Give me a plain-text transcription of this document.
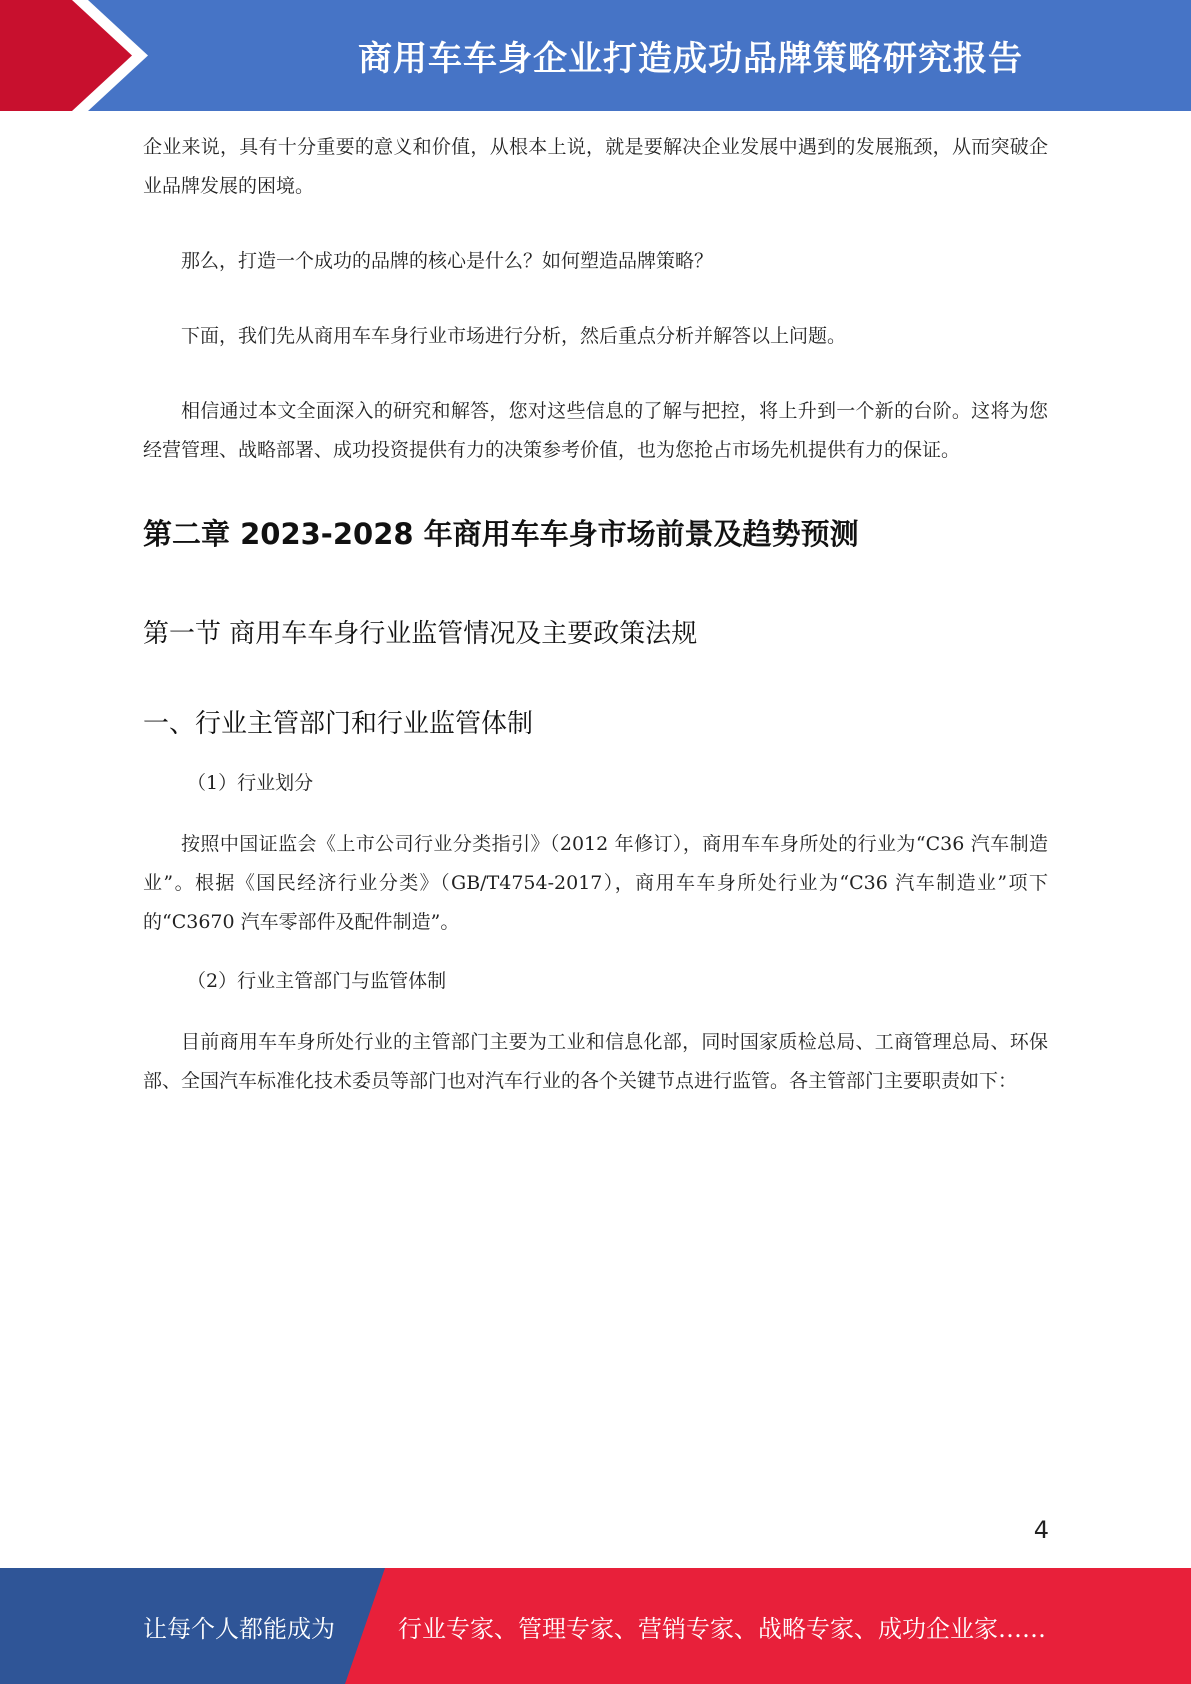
商用车车身企业打造成功品牌策略研究报告

企业来说，具有十分重要的意义和价值，从根本上说，就是要解决企业发展中遇到的发展瓶颈，从而突破企业品牌发展的困境。

那么，打造一个成功的品牌的核心是什么？如何塑造品牌策略？

下面，我们先从商用车车身行业市场进行分析，然后重点分析并解答以上问题。

相信通过本文全面深入的研究和解答，您对这些信息的了解与把控，将上升到一个新的台阶。这将为您经营管理、战略部署、成功投资提供有力的决策参考价值，也为您抢占市场先机提供有力的保证。

第二章 2023-2028 年商用车车身市场前景及趋势预测
第一节 商用车车身行业监管情况及主要政策法规
一、行业主管部门和行业监管体制

（1）行业划分

按照中国证监会《上市公司行业分类指引》（2012 年修订），商用车车身所处的行业为“C36 汽车制造业”。根据《国民经济行业分类》（GB/T4754-2017），商用车车身所处行业为“C36 汽车制造业”项下的“C3670 汽车零部件及配件制造”。

（2）行业主管部门与监管体制

目前商用车车身所处行业的主管部门主要为工业和信息化部，同时国家质检总局、工商管理总局、环保部、全国汽车标准化技术委员等部门也对汽车行业的各个关键节点进行监管。各主管部门主要职责如下：

4
让每个人都能成为	行业专家、管理专家、营销专家、战略专家、成功企业家……
